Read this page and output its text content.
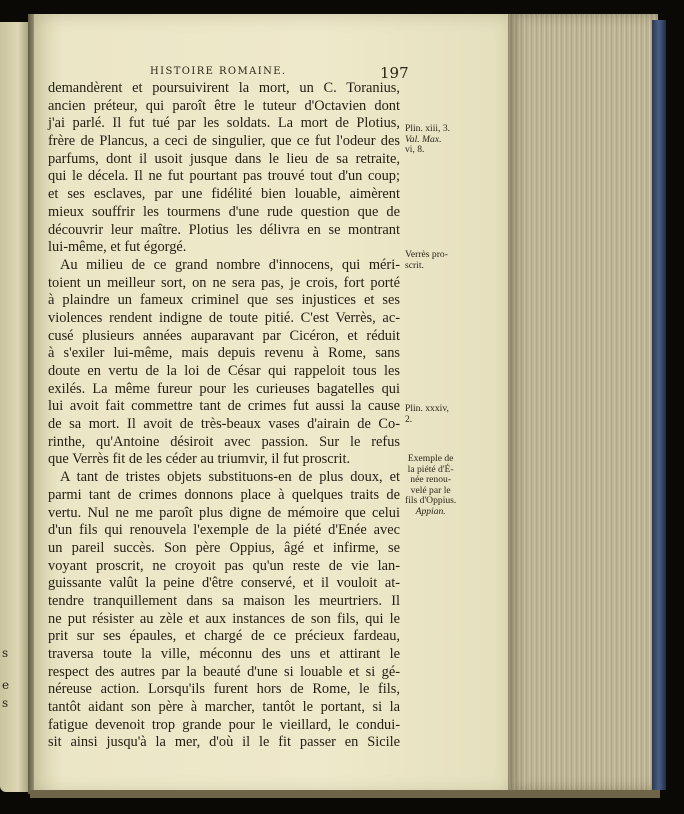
s
e
s
HISTOIRE ROMAINE.	197
demandèrent et poursuivirent la mort, un C. Toranius,
ancien préteur, qui paroît être le tuteur d'Octavien dont
j'ai parlé. Il fut tué par les soldats. La mort de Plotius,
frère de Plancus, a ceci de singulier, que ce fut l'odeur des
parfums, dont il usoit jusque dans le lieu de sa retraite,
qui le décela. Il ne fut pourtant pas trouvé tout d'un coup;
et ses esclaves, par une fidélité bien louable, aimèrent
mieux souffrir les tourmens d'une rude question que de
découvrir leur maître. Plotius les délivra en se montrant
lui-même, et fut égorgé.
Au milieu de ce grand nombre d'innocens, qui méri-
toient un meilleur sort, on ne sera pas, je crois, fort porté
à plaindre un fameux criminel que ses injustices et ses
violences rendent indigne de toute pitié. C'est Verrès, ac-
cusé plusieurs années auparavant par Cicéron, et réduit
à s'exiler lui-même, mais depuis revenu à Rome, sans
doute en vertu de la loi de César qui rappeloit tous les
exilés. La même fureur pour les curieuses bagatelles qui
lui avoit fait commettre tant de crimes fut aussi la cause
de sa mort. Il avoit de très-beaux vases d'airain de Co-
rinthe, qu'Antoine désiroit avec passion. Sur le refus
que Verrès fit de les céder au triumvir, il fut proscrit.
A tant de tristes objets substituons-en de plus doux, et
parmi tant de crimes donnons place à quelques traits de
vertu. Nul ne me paroît plus digne de mémoire que celui
d'un fils qui renouvela l'exemple de la piété d'Enée avec
un pareil succès. Son père Oppius, âgé et infirme, se
voyant proscrit, ne croyoit pas qu'un reste de vie lan-
guissante valût la peine d'être conservé, et il vouloit at-
tendre tranquillement dans sa maison les meurtriers. Il
ne put résister au zèle et aux instances de son fils, qui le
prit sur ses épaules, et chargé de ce précieux fardeau,
traversa toute la ville, méconnu des uns et attirant le
respect des autres par la beauté d'une si louable et si gé-
néreuse action. Lorsqu'ils furent hors de Rome, le fils,
tantôt aidant son père à marcher, tantôt le portant, si la
fatigue devenoit trop grande pour le vieillard, le condui-
sit ainsi jusqu'à la mer, d'où il le fit passer en Sicile
Plin. xiii, 3.
Val. Max.
vi, 8.
Verrès pro-
scrit.
Plin. xxxiv,
2.
Exemple de
la piété d'É-
née renou-
velé par le
fils d'Oppius.
Appian.
